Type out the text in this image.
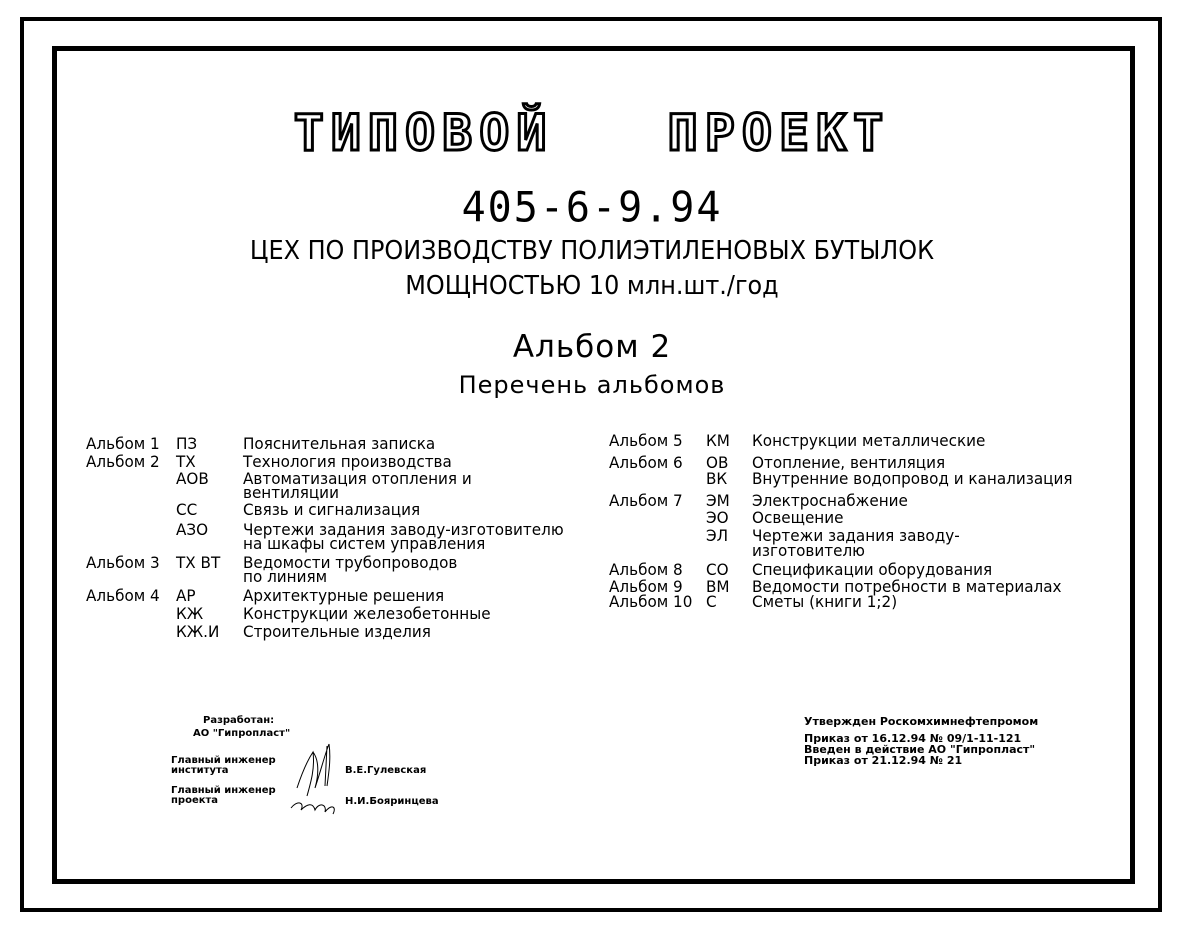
ТИПОВОЙ ПРОЕКТ
405-6-9.94
ЦЕХ ПО ПРОИЗВОДСТВУ ПОЛИЭТИЛЕНОВЫХ БУТЫЛОК
МОЩНОСТЬЮ 10 млн.шт./год
Альбом 2
Перечень альбомов
Альбом 1 ПЗ	Пояснительная записка
Альбом 2 ТХ	Технология производства
АОВ Автоматизация отопления и
вентиляции
СС	Связь и сигнализация
АЗО Чертежи задания заводу-изготовителю
на шкафы систем управления
Альбом 3 ТХ ВТ Ведомости трубопроводов
по линиям
Альбом 4 АР	Архитектурные решения
КЖ Конструкции железобетонные
КЖ.И Строительные изделия
Альбом 5 КМ Конструкции металлические
Альбом 6 ОВ Отопление, вентиляция
ВК Внутренние водопровод и канализация
Альбом 7 ЭМ Электроснабжение
ЭО Освещение
ЭЛ Чертежи задания заводу-
изготовителю
Альбом 8 СО Спецификации оборудования
Альбом 9 ВМ Ведомости потребности в материалах
Альбом 10 С Сметы (книги 1;2)
Разработан:
АО "Гипропласт"
Главный инженер
института	В.Е.Гулевская
Главный инженер
проекта	Н.И.Бояринцева
Утвержден Роскомхимнефтепромом
Приказ от 16.12.94 № 09/1-11-121
Введен в действие АО "Гипропласт"
Приказ от 21.12.94 № 21
